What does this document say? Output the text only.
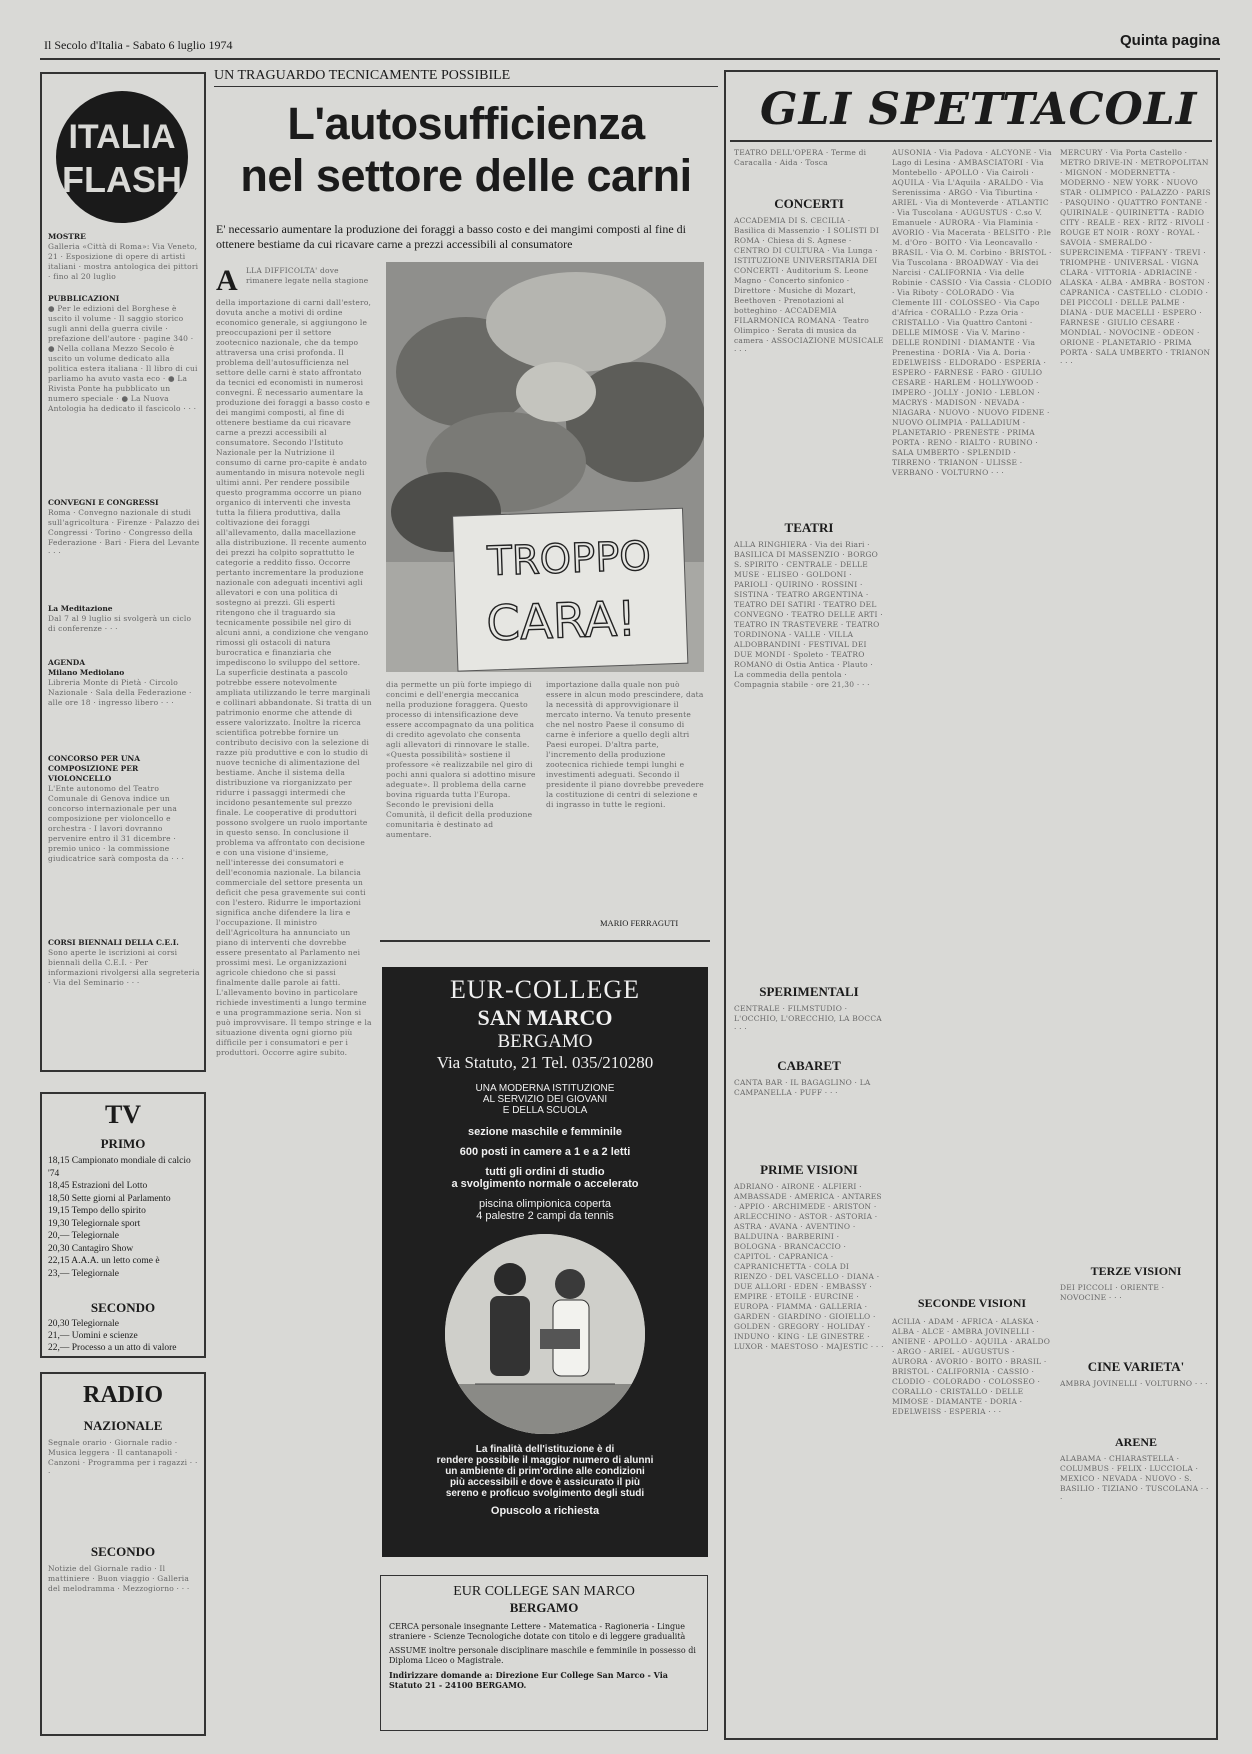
Il Secolo d'Italia - Sabato 6 luglio 1974	Quinta pagina
ITALIA
FLASH
MOSTRE
Galleria «Città di Roma»: Via Veneto, 21 · Esposizione di opere di artisti italiani · mostra antologica dei pittori · fino al 20 luglio
PUBBLICAZIONI
● Per le edizioni del Borghese è uscito il volume · Il saggio storico sugli anni della guerra civile · prefazione dell'autore · pagine 340 · ● Nella collana Mezzo Secolo è uscito un volume dedicato alla politica estera italiana · Il libro di cui parliamo ha avuto vasta eco · ● La Rivista Ponte ha pubblicato un numero speciale · ● La Nuova Antologia ha dedicato il fascicolo · · ·
CONVEGNI E CONGRESSI
Roma · Convegno nazionale di studi sull'agricoltura · Firenze · Palazzo dei Congressi · Torino · Congresso della Federazione · Bari · Fiera del Levante · · ·
La Meditazione
Dal 7 al 9 luglio si svolgerà un ciclo di conferenze · · ·
AGENDA
Milano Mediolano
Libreria Monte di Pietà · Circolo Nazionale · Sala della Federazione · alle ore 18 · ingresso libero · · ·
CONCORSO PER UNA COMPOSIZIONE PER VIOLONCELLO
L'Ente autonomo del Teatro Comunale di Genova indice un concorso internazionale per una composizione per violoncello e orchestra · I lavori dovranno pervenire entro il 31 dicembre · premio unico · la commissione giudicatrice sarà composta da · · ·
CORSI BIENNALI DELLA C.E.I.
Sono aperte le iscrizioni ai corsi biennali della C.E.I. · Per informazioni rivolgersi alla segreteria · Via del Seminario · · ·
TV
PRIMO
18,15 Campionato mondiale di calcio '74
18,45 Estrazioni del Lotto
18,50 Sette giorni al Parlamento
19,15 Tempo dello spirito
19,30 Telegiornale sport
20,— Telegiornale
20,30 Cantagiro Show
22,15 A.A.A. un letto come è
23,— Telegiornale
SECONDO
20,30 Telegiornale
21,— Uomini e scienze
22,— Processo a un atto di valore
RADIO
NAZIONALE
Segnale orario · Giornale radio · Musica leggera · Il cantanapoli · Canzoni · Programma per i ragazzi · · ·
SECONDO
Notizie del Giornale radio · Il mattiniere · Buon viaggio · Galleria del melodramma · Mezzogiorno · · ·
UN TRAGUARDO TECNICAMENTE POSSIBILE
L'autosufficienza
nel settore delle carni
E' necessario aumentare la produzione dei foraggi a basso costo e dei mangimi composti al fine di ottenere bestiame da cui ricavare carne a prezzi accessibili al consumatore
A LLA DIFFICOLTA' dove rimanere legate nella stagione
della importazione di carni dall'estero, dovuta anche a motivi di ordine economico generale, si aggiungono le preoccupazioni per il settore zootecnico nazionale, che da tempo attraversa una crisi profonda. Il problema dell'autosufficienza nel settore delle carni è stato affrontato da tecnici ed economisti in numerosi convegni. È necessario aumentare la produzione dei foraggi a basso costo e dei mangimi composti, al fine di ottenere bestiame da cui ricavare carne a prezzi accessibili al consumatore. Secondo l'Istituto Nazionale per la Nutrizione il consumo di carne pro-capite è andato aumentando in misura notevole negli ultimi anni. Per rendere possibile questo programma occorre un piano organico di interventi che investa tutta la filiera produttiva, dalla coltivazione dei foraggi all'allevamento, dalla macellazione alla distribuzione. Il recente aumento dei prezzi ha colpito soprattutto le categorie a reddito fisso. Occorre pertanto incrementare la produzione nazionale con adeguati incentivi agli allevatori e con una politica di sostegno ai prezzi. Gli esperti ritengono che il traguardo sia tecnicamente possibile nel giro di alcuni anni, a condizione che vengano rimossi gli ostacoli di natura burocratica e finanziaria che impediscono lo sviluppo del settore. La superficie destinata a pascolo potrebbe essere notevolmente ampliata utilizzando le terre marginali e collinari abbandonate. Si tratta di un patrimonio enorme che attende di essere valorizzato. Inoltre la ricerca scientifica potrebbe fornire un contributo decisivo con la selezione di razze più produttive e con lo studio di nuove tecniche di alimentazione del bestiame. Anche il sistema della distribuzione va riorganizzato per ridurre i passaggi intermedi che incidono pesantemente sul prezzo finale. Le cooperative di produttori possono svolgere un ruolo importante in questo senso. In conclusione il problema va affrontato con decisione e con una visione d'insieme, nell'interesse dei consumatori e dell'economia nazionale. La bilancia commerciale del settore presenta un deficit che pesa gravemente sui conti con l'estero. Ridurre le importazioni significa anche difendere la lira e l'occupazione. Il ministro dell'Agricoltura ha annunciato un piano di interventi che dovrebbe essere presentato al Parlamento nei prossimi mesi. Le organizzazioni agricole chiedono che si passi finalmente dalle parole ai fatti. L'allevamento bovino in particolare richiede investimenti a lungo termine e una programmazione seria. Non si può improvvisare. Il tempo stringe e la situazione diventa ogni giorno più difficile per i consumatori e per i produttori. Occorre agire subito.
TROPPO
CARA!
dia permette un più forte impiego di concimi e dell'energia meccanica nella produzione foraggera. Questo processo di intensificazione deve essere accompagnato da una politica di credito agevolato che consenta agli allevatori di rinnovare le stalle. «Questa possibilità» sostiene il professore «è realizzabile nel giro di pochi anni qualora si adottino misure adeguate». Il problema della carne bovina riguarda tutta l'Europa. Secondo le previsioni della Comunità, il deficit della produzione comunitaria è destinato ad aumentare.
importazione dalla quale non può essere in alcun modo prescindere, data la necessità di approvvigionare il mercato interno. Va tenuto presente che nel nostro Paese il consumo di carne è inferiore a quello degli altri Paesi europei. D'altra parte, l'incremento della produzione zootecnica richiede tempi lunghi e investimenti adeguati. Secondo il presidente il piano dovrebbe prevedere la costituzione di centri di selezione e di ingrasso in tutte le regioni.
MARIO FERRAGUTI
EUR-COLLEGE
SAN MARCO
BERGAMO
Via Statuto, 21 Tel. 035/210280
UNA MODERNA ISTITUZIONE
AL SERVIZIO DEI GIOVANI
E DELLA SCUOLA
sezione maschile e femminile
600 posti in camere a 1 e a 2 letti
tutti gli ordini di studio
a svolgimento normale o accelerato
piscina olimpionica coperta
4 palestre 2 campi da tennis
La finalità dell'istituzione è di
rendere possibile il maggior numero di alunni
un ambiente di prim'ordine alle condizioni
più accessibili e dove è assicurato il più
sereno e proficuo svolgimento degli studi
Opuscolo a richiesta
EUR COLLEGE SAN MARCO
BERGAMO
CERCA personale insegnante Lettere - Matematica - Ragioneria - Lingue straniere - Scienze Tecnologiche dotate con titolo e di leggere gradualità
ASSUME inoltre personale disciplinare maschile e femminile in possesso di Diploma Liceo o Magistrale.
Indirizzare domande a: Direzione Eur College San Marco - Via Statuto 21 - 24100 BERGAMO.
GLI SPETTACOLI
TEATRO DELL'OPERA · Terme di Caracalla · Aida · Tosca
CONCERTI
ACCADEMIA DI S. CECILIA · Basilica di Massenzio · I SOLISTI DI ROMA · Chiesa di S. Agnese · CENTRO DI CULTURA · Via Lunga · ISTITUZIONE UNIVERSITARIA DEI CONCERTI · Auditorium S. Leone Magno · Concerto sinfonico · Direttore · Musiche di Mozart, Beethoven · Prenotazioni al botteghino · ACCADEMIA FILARMONICA ROMANA · Teatro Olimpico · Serata di musica da camera · ASSOCIAZIONE MUSICALE · · ·
TEATRI
ALLA RINGHIERA · Via dei Riari · BASILICA DI MASSENZIO · BORGO S. SPIRITO · CENTRALE · DELLE MUSE · ELISEO · GOLDONI · PARIOLI · QUIRINO · ROSSINI · SISTINA · TEATRO ARGENTINA · TEATRO DEI SATIRI · TEATRO DEL CONVEGNO · TEATRO DELLE ARTI · TEATRO IN TRASTEVERE · TEATRO TORDINONA · VALLE · VILLA ALDOBRANDINI · FESTIVAL DEI DUE MONDI · Spoleto · TEATRO ROMANO di Ostia Antica · Plauto · La commedia della pentola · Compagnia stabile · ore 21,30 · · ·
SPERIMENTALI
CENTRALE · FILMSTUDIO · L'OCCHIO, L'ORECCHIO, LA BOCCA · · ·
CABARET
CANTA BAR · IL BAGAGLINO · LA CAMPANELLA · PUFF · · ·
PRIME VISIONI
ADRIANO · AIRONE · ALFIERI · AMBASSADE · AMERICA · ANTARES · APPIO · ARCHIMEDE · ARISTON · ARLECCHINO · ASTOR · ASTORIA · ASTRA · AVANA · AVENTINO · BALDUINA · BARBERINI · BOLOGNA · BRANCACCIO · CAPITOL · CAPRANICA · CAPRANICHETTA · COLA DI RIENZO · DEL VASCELLO · DIANA · DUE ALLORI · EDEN · EMBASSY · EMPIRE · ETOILE · EURCINE · EUROPA · FIAMMA · GALLERIA · GARDEN · GIARDINO · GIOIELLO · GOLDEN · GREGORY · HOLIDAY · INDUNO · KING · LE GINESTRE · LUXOR · MAESTOSO · MAJESTIC · · ·
AUSONIA · Via Padova · ALCYONE · Via Lago di Lesina · AMBASCIATORI · Via Montebello · APOLLO · Via Cairoli · AQUILA · Via L'Aquila · ARALDO · Via Serenissima · ARGO · Via Tiburtina · ARIEL · Via di Monteverde · ATLANTIC · Via Tuscolana · AUGUSTUS · C.so V. Emanuele · AURORA · Via Flaminia · AVORIO · Via Macerata · BELSITO · P.le M. d'Oro · BOITO · Via Leoncavallo · BRASIL · Via O. M. Corbino · BRISTOL · Via Tuscolana · BROADWAY · Via dei Narcisi · CALIFORNIA · Via delle Robinie · CASSIO · Via Cassia · CLODIO · Via Riboty · COLORADO · Via Clemente III · COLOSSEO · Via Capo d'Africa · CORALLO · P.zza Oria · CRISTALLO · Via Quattro Cantoni · DELLE MIMOSE · Via V. Marino · DELLE RONDINI · DIAMANTE · Via Prenestina · DORIA · Via A. Doria · EDELWEISS · ELDORADO · ESPERIA · ESPERO · FARNESE · FARO · GIULIO CESARE · HARLEM · HOLLYWOOD · IMPERO · JOLLY · JONIO · LEBLON · MACRYS · MADISON · NEVADA · NIAGARA · NUOVO · NUOVO FIDENE · NUOVO OLIMPIA · PALLADIUM · PLANETARIO · PRENESTE · PRIMA PORTA · RENO · RIALTO · RUBINO · SALA UMBERTO · SPLENDID · TIRRENO · TRIANON · ULISSE · VERBANO · VOLTURNO · · ·
SECONDE VISIONI
ACILIA · ADAM · AFRICA · ALASKA · ALBA · ALCE · AMBRA JOVINELLI · ANIENE · APOLLO · AQUILA · ARALDO · ARGO · ARIEL · AUGUSTUS · AURORA · AVORIO · BOITO · BRASIL · BRISTOL · CALIFORNIA · CASSIO · CLODIO · COLORADO · COLOSSEO · CORALLO · CRISTALLO · DELLE MIMOSE · DIAMANTE · DORIA · EDELWEISS · ESPERIA · · ·
MERCURY · Via Porta Castello · METRO DRIVE-IN · METROPOLITAN · MIGNON · MODERNETTA · MODERNO · NEW YORK · NUOVO STAR · OLIMPICO · PALAZZO · PARIS · PASQUINO · QUATTRO FONTANE · QUIRINALE · QUIRINETTA · RADIO CITY · REALE · REX · RITZ · RIVOLI · ROUGE ET NOIR · ROXY · ROYAL · SAVOIA · SMERALDO · SUPERCINEMA · TIFFANY · TREVI · TRIOMPHE · UNIVERSAL · VIGNA CLARA · VITTORIA · ADRIACINE · ALASKA · ALBA · AMBRA · BOSTON · CAPRANICA · CASTELLO · CLODIO · DEI PICCOLI · DELLE PALME · DIANA · DUE MACELLI · ESPERO · FARNESE · GIULIO CESARE · MONDIAL · NOVOCINE · ODEON · ORIONE · PLANETARIO · PRIMA PORTA · SALA UMBERTO · TRIANON · · ·
TERZE VISIONI
DEI PICCOLI · ORIENTE · NOVOCINE · · ·
CINE VARIETA'
AMBRA JOVINELLI · VOLTURNO · · ·
ARENE
ALABAMA · CHIARASTELLA · COLUMBUS · FELIX · LUCCIOLA · MEXICO · NEVADA · NUOVO · S. BASILIO · TIZIANO · TUSCOLANA · · ·
